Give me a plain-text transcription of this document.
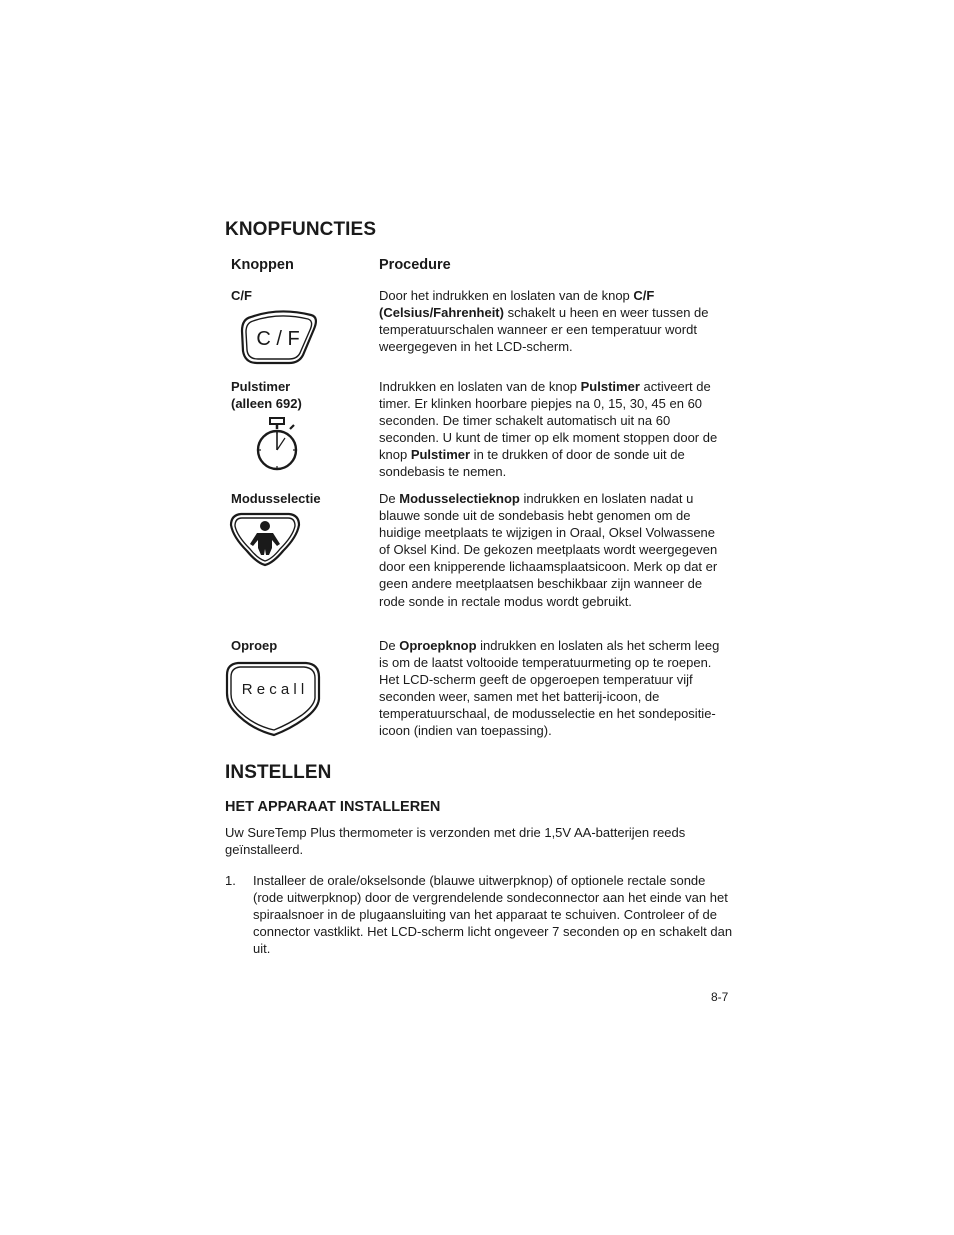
KNOPFUNCTIES
Knoppen	Procedure
C/F
C / F
Door het indrukken en loslaten van de knop C/F (Celsius/Fahrenheit) schakelt u heen en weer tussen de temperatuurschalen wanneer er een temperatuur wordt weergegeven in het LCD-scherm.
Pulstimer
(alleen 692)
Indrukken en loslaten van de knop Pulstimer activeert de timer. Er klinken hoorbare piepjes na 0, 15, 30, 45 en 60 seconden. De timer schakelt automatisch uit na 60 seconden. U kunt de timer op elk moment stoppen door de knop Pulstimer in te drukken of door de sonde uit de sondebasis te nemen.
Modusselectie	De Modusselectieknop indrukken en loslaten nadat u blauwe sonde uit de sondebasis hebt genomen om de huidige meetplaats te wijzigen in Oraal, Oksel Volwassene of Oksel Kind. De gekozen meetplaats wordt weergegeven door een knipperende lichaamsplaatsicoon. Merk op dat er geen andere meetplaatsen beschikbaar zijn wanneer de rode sonde in rectale modus wordt gebruikt.
Oproep
R e c a l l
De Oproepknop indrukken en loslaten als het scherm leeg is om de laatst voltooide temperatuurmeting op te roepen. Het LCD-scherm geeft de opgeroepen temperatuur vijf seconden weer, samen met het batterij-icoon, de temperatuurschaal, de modusselectie en het sondepositie-icoon (indien van toepassing).
INSTELLEN
HET APPARAAT INSTALLEREN
Uw SureTemp Plus thermometer is verzonden met drie 1,5V AA-batterijen reeds geïnstalleerd.
1. Installeer de orale/okselsonde (blauwe uitwerpknop) of optionele rectale sonde (rode uitwerpknop) door de vergrendelende sondeconnector aan het einde van het spiraalsnoer in de plugaansluiting van het apparaat te schuiven. Controleer of de connector vastklikt. Het LCD-scherm licht ongeveer 7 seconden op en schakelt dan uit.
8-7
